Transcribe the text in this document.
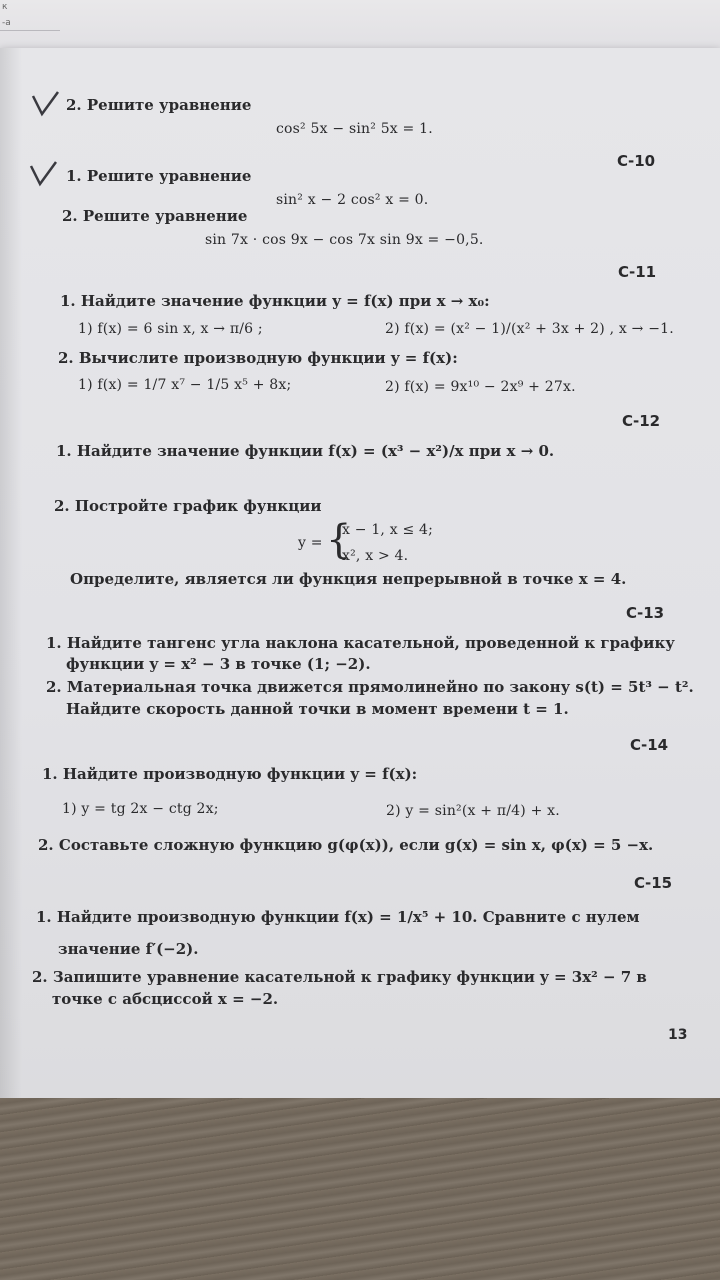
к
-а
2. Решите уравнение
cos² 5x − sin² 5x = 1.
С-10
1. Решите уравнение
sin² x − 2 cos² x = 0.
2. Решите уравнение
sin 7x · cos 9x − cos 7x sin 9x = −0,5.
С-11
1. Найдите значение функции y = f(x) при x → x₀:
1) f(x) = 6 sin x, x → π/6 ;	2) f(x) = (x² − 1)/(x² + 3x + 2) , x → −1.
2. Вычислите производную функции y = f(x):
1) f(x) = 1/7 x⁷ − 1/5 x⁵ + 8x;	2) f(x) = 9x¹⁰ − 2x⁹ + 27x.
С-12
1. Найдите значение функции f(x) = (x³ − x²)/x при x → 0.
2. Постройте график функции
y = {
x − 1, x ≤ 4;
x², x > 4.
Определите, является ли функция непрерывной в точке x = 4.
С-13
1. Найдите тангенс угла наклона касательной, проведенной к графику
функции y = x² − 3 в точке (1; −2).
2. Материальная точка движется прямолинейно по закону s(t) = 5t³ − t².
Найдите скорость данной точки в момент времени t = 1.
С-14
1. Найдите производную функции y = f(x):
1) y = tg 2x − ctg 2x;	2) y = sin²(x + π/4) + x.
2. Составьте сложную функцию g(φ(x)), если g(x) = sin x, φ(x) = 5 −x.
С-15
1. Найдите производную функции f(x) = 1/x⁵ + 10. Сравните с нулем
значение f′(−2).
2. Запишите уравнение касательной к графику функции y = 3x² − 7 в
точке с абсциссой x = −2.
13
